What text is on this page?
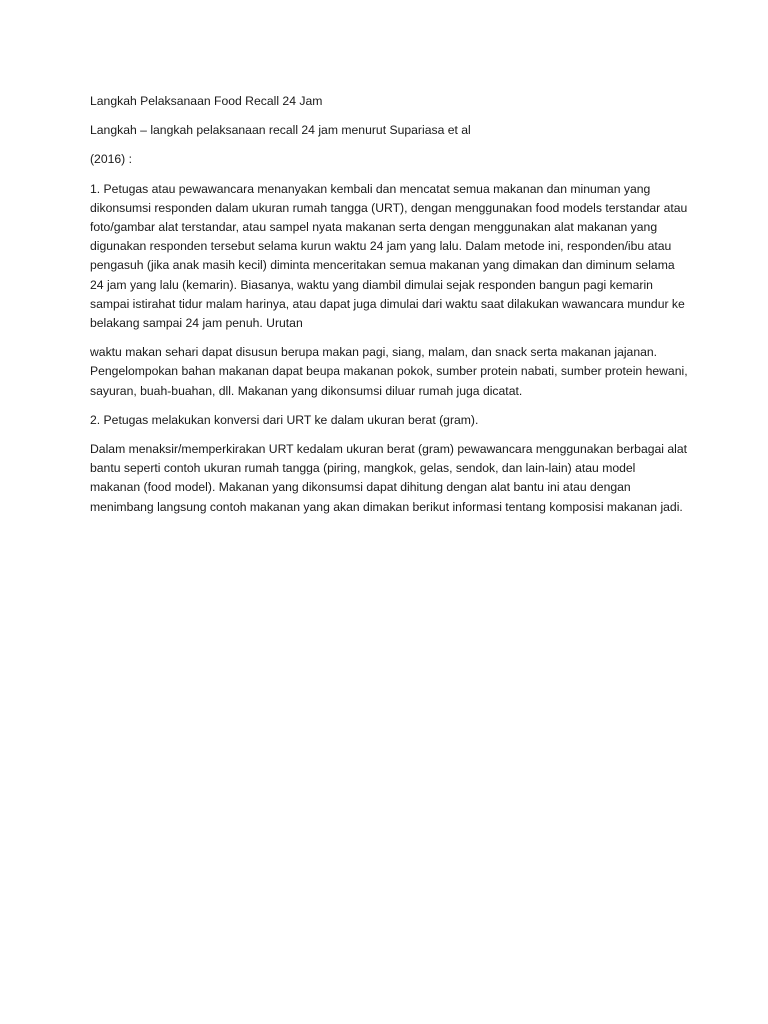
Langkah Pelaksanaan Food Recall 24 Jam

Langkah – langkah pelaksanaan recall 24 jam menurut Supariasa et al

(2016) :

1. Petugas atau pewawancara menanyakan kembali dan mencatat semua makanan dan minuman yang dikonsumsi responden dalam ukuran rumah tangga (URT), dengan menggunakan food models terstandar atau foto/gambar alat terstandar, atau sampel nyata makanan serta dengan menggunakan alat makanan yang digunakan responden tersebut selama kurun waktu 24 jam yang lalu. Dalam metode ini, responden/ibu atau pengasuh (jika anak masih kecil) diminta menceritakan semua makanan yang dimakan dan diminum selama 24 jam yang lalu (kemarin). Biasanya, waktu yang diambil dimulai sejak responden bangun pagi kemarin sampai istirahat tidur malam harinya, atau dapat juga dimulai dari waktu saat dilakukan wawancara mundur ke belakang sampai 24 jam penuh. Urutan

waktu makan sehari dapat disusun berupa makan pagi, siang, malam, dan snack serta makanan jajanan. Pengelompokan bahan makanan dapat beupa makanan pokok, sumber protein nabati, sumber protein hewani, sayuran, buah-buahan, dll. Makanan yang dikonsumsi diluar rumah juga dicatat.

2. Petugas melakukan konversi dari URT ke dalam ukuran berat (gram).

Dalam menaksir/memperkirakan URT kedalam ukuran berat (gram) pewawancara menggunakan berbagai alat bantu seperti contoh ukuran rumah tangga (piring, mangkok, gelas, sendok, dan lain-lain) atau model makanan (food model). Makanan yang dikonsumsi dapat dihitung dengan alat bantu ini atau dengan menimbang langsung contoh makanan yang akan dimakan berikut informasi tentang komposisi makanan jadi.
